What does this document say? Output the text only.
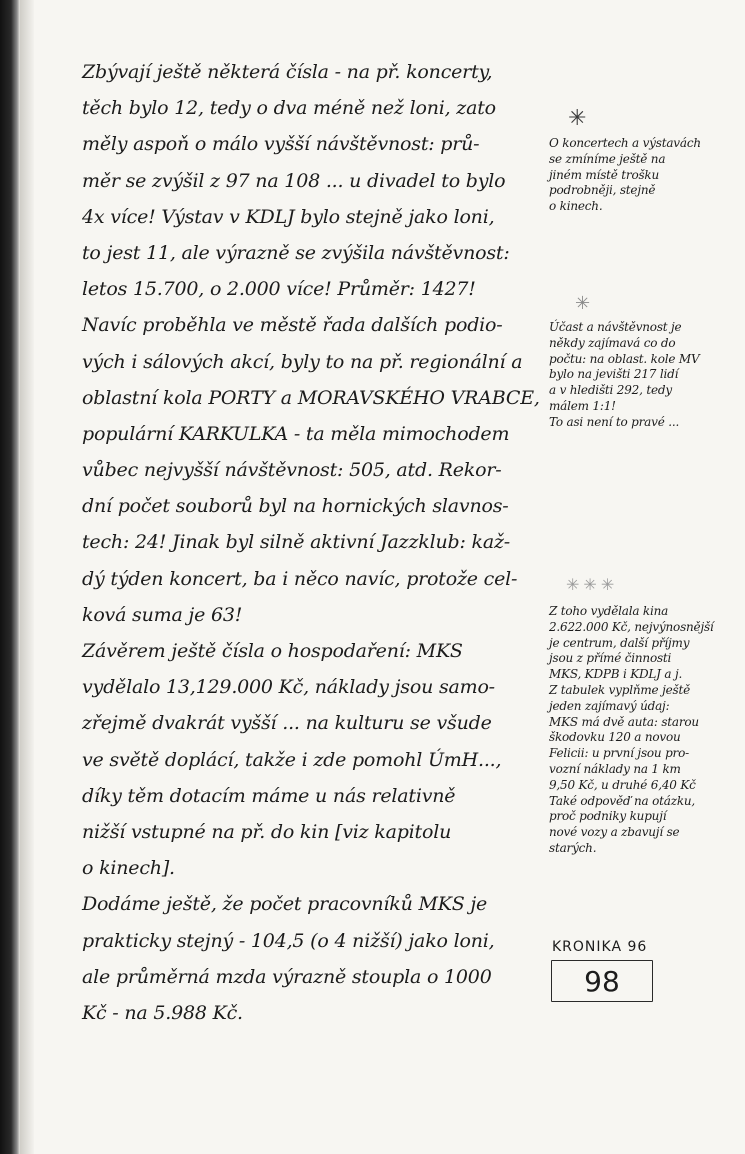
Zbývají ještě některá čísla - na př. koncerty,
těch bylo 12, tedy o dva méně než loni, zato
měly aspoň o málo vyšší návštěvnost: prů-
měr se zvýšil z 97 na 108 ... u divadel to bylo
4x více! Výstav v KDLJ bylo stejně jako loni,
to jest 11, ale výrazně se zvýšila návštěvnost:
letos 15.700, o 2.000 více! Průměr: 1427!
Navíc proběhla ve městě řada dalších podio-
vých i sálových akcí, byly to na př. regionální a
oblastní kola PORTY a MORAVSKÉHO VRABCE,
populární KARKULKA - ta měla mimochodem
vůbec nejvyšší návštěvnost: 505, atd. Rekor-
dní počet souborů byl na hornických slavnos-
tech: 24! Jinak byl silně aktivní Jazzklub: kaž-
dý týden koncert, ba i něco navíc, protože cel-
ková suma je 63!
Závěrem ještě čísla o hospodaření: MKS
vydělalo 13,129.000 Kč, náklady jsou samo-
zřejmě dvakrát vyšší ... na kulturu se všude
ve světě doplácí, takže i zde pomohl ÚmH...,
díky těm dotacím máme u nás relativně
nižší vstupné na př. do kin [viz kapitolu
o kinech].
Dodáme ještě, že počet pracovníků MKS je
prakticky stejný - 104,5 (o 4 nižší) jako loni,
ale průměrná mzda výrazně stoupla o 1000
Kč - na 5.988 Kč.
✳
O koncertech a výstavách
se zmíníme ještě na
jiném místě trošku
podrobněji, stejně
o kinech.
✳
Účast a návštěvnost je
někdy zajímavá co do
počtu: na oblast. kole MV
bylo na jevišti 217 lidí
a v hledišti 292, tedy
málem 1:1!
To asi není to pravé ...
✳✳✳
Z toho vydělala kina
2.622.000 Kč, nejvýnosnější
je centrum, další příjmy
jsou z přímé činnosti
MKS, KDPB i KDLJ a j.
Z tabulek vyplňme ještě
jeden zajímavý údaj:
MKS má dvě auta: starou
škodovku 120 a novou
Felicii: u první jsou pro-
vozní náklady na 1 km
9,50 Kč, u druhé 6,40 Kč
Také odpověď na otázku,
proč podniky kupují
nové vozy a zbavují se
starých.
KRONIKA 96
98
